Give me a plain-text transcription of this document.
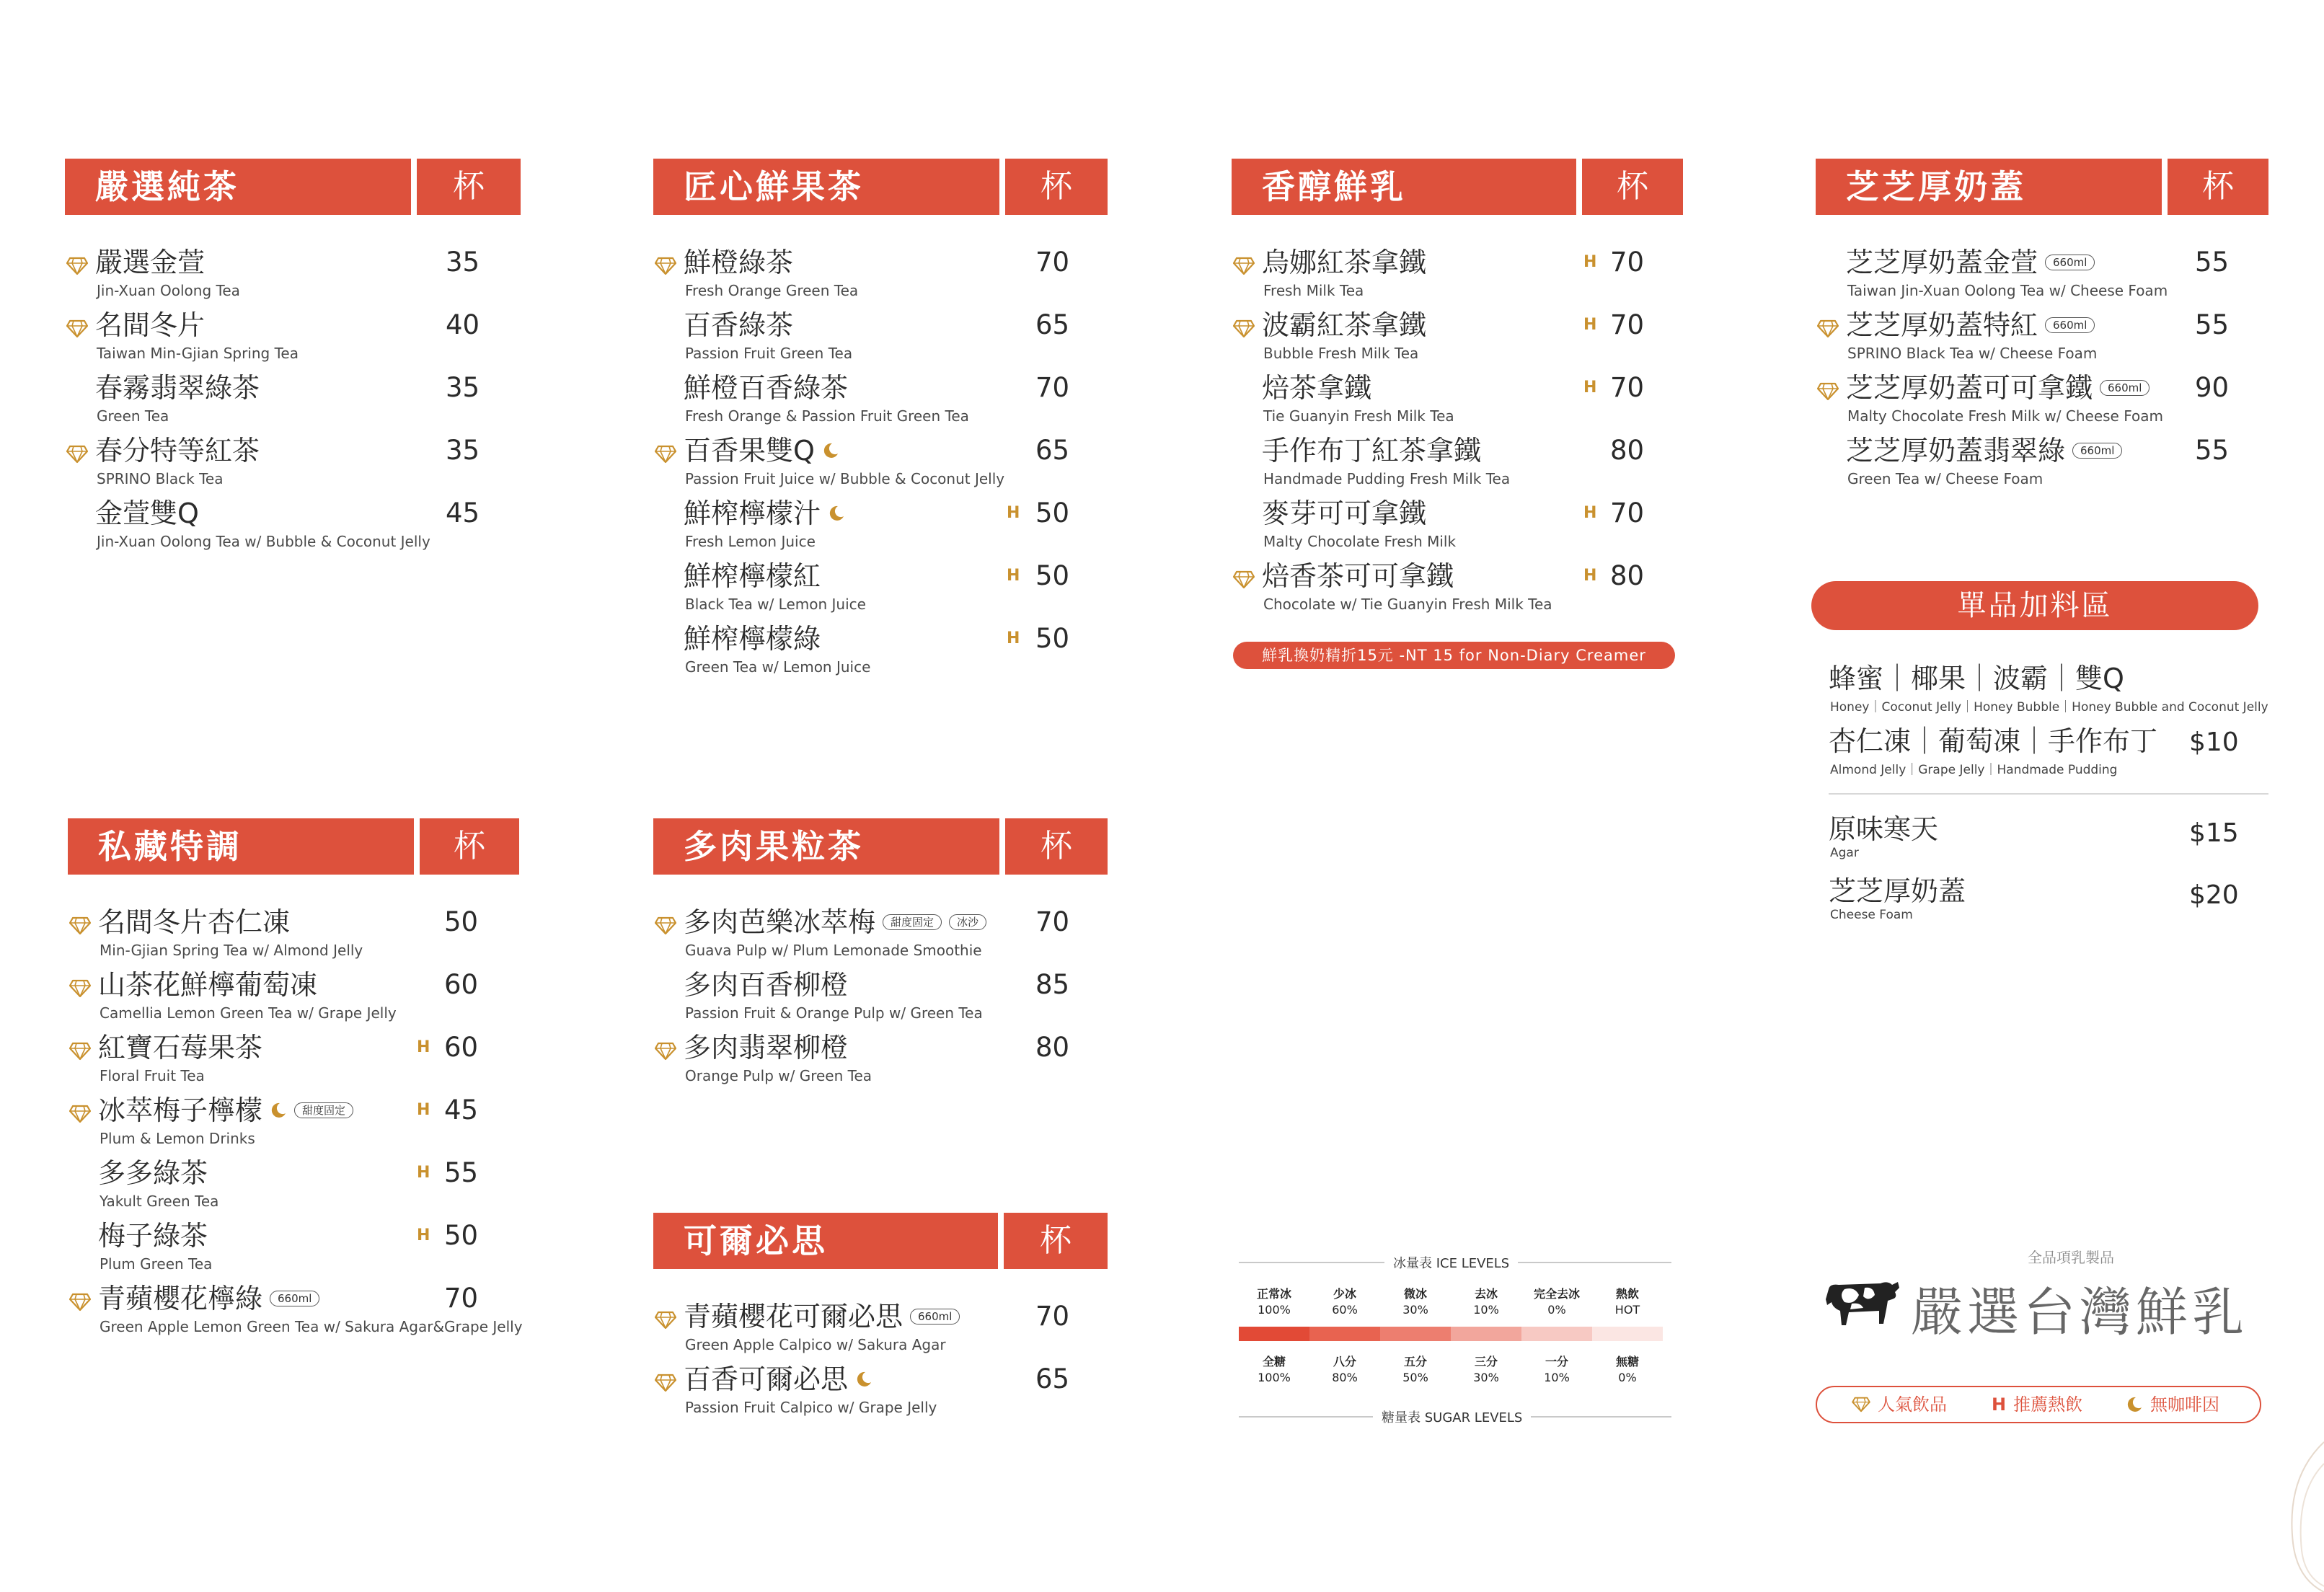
嚴選純茶	杯
嚴選金萱
Jin-Xuan Oolong Tea
35
名間冬片
Taiwan Min-Gjian Spring Tea
40
春霧翡翠綠茶
Green Tea
35
春分特等紅茶
SPRINO Black Tea
35
金萱雙Q
Jin-Xuan Oolong Tea w/ Bubble & Coconut Jelly
45
匠心鮮果茶	杯
鮮橙綠茶
Fresh Orange Green Tea
70
百香綠茶
Passion Fruit Green Tea
65
鮮橙百香綠茶
Fresh Orange & Passion Fruit Green Tea
70
百香果雙Q
Passion Fruit Juice w/ Bubble & Coconut Jelly
65
鮮榨檸檬汁
Fresh Lemon Juice
H 50
鮮榨檸檬紅
Black Tea w/ Lemon Juice
H 50
鮮榨檸檬綠
Green Tea w/ Lemon Juice
H 50
香醇鮮乳	杯
烏娜紅茶拿鐵
Fresh Milk Tea
H 70
波霸紅茶拿鐵
Bubble Fresh Milk Tea
H 70
焙茶拿鐵
Tie Guanyin Fresh Milk Tea
H 70
手作布丁紅茶拿鐵
Handmade Pudding Fresh Milk Tea
80
麥芽可可拿鐵
Malty Chocolate Fresh Milk
H 70
焙香茶可可拿鐵
Chocolate w/ Tie Guanyin Fresh Milk Tea
H 80
芝芝厚奶蓋	杯
芝芝厚奶蓋金萱	660ml
Taiwan Jin-Xuan Oolong Tea w/ Cheese Foam
55
芝芝厚奶蓋特紅	660ml
SPRINO Black Tea w/ Cheese Foam
55
芝芝厚奶蓋可可拿鐵	660ml
Malty Chocolate Fresh Milk w/ Cheese Foam
90
芝芝厚奶蓋翡翠綠	660ml
Green Tea w/ Cheese Foam
55
私藏特調	杯
名間冬片杏仁凍
Min-Gjian Spring Tea w/ Almond Jelly
50
山茶花鮮檸葡萄凍
Camellia Lemon Green Tea w/ Grape Jelly
60
紅寶石莓果茶
Floral Fruit Tea
H 60
冰萃梅子檸檬	甜度固定
Plum & Lemon Drinks
H 45
多多綠茶
Yakult Green Tea
H 55
梅子綠茶
Plum Green Tea
H 50
青蘋櫻花檸綠	660ml
Green Apple Lemon Green Tea w/ Sakura Agar&Grape Jelly
70
多肉果粒茶	杯
多肉芭樂冰萃梅	甜度固定	冰沙
Guava Pulp w/ Plum Lemonade Smoothie
70
多肉百香柳橙
Passion Fruit & Orange Pulp w/ Green Tea
85
多肉翡翠柳橙
Orange Pulp w/ Green Tea
80
可爾必思	杯
青蘋櫻花可爾必思	660ml
Green Apple Calpico w/ Sakura Agar
70
百香可爾必思
Passion Fruit Calpico w/ Grape Jelly
65
鮮乳換奶精折15元 -NT 15 for Non-Diary Creamer
單品加料區
蜂蜜｜椰果｜波霸｜雙Q
Honey｜Coconut Jelly｜Honey Bubble｜Honey Bubble and Coconut Jelly
杏仁凍｜葡萄凍｜手作布丁
Almond Jelly｜Grape Jelly｜Handmade Pudding
$10
原味寒天
Agar
$15
芝芝厚奶蓋
Cheese Foam
$20
冰量表 ICE LEVELS
正常冰
100%
少冰
60%
微冰
30%
去冰
10%
完全去冰
0%
熱飲
HOT
全糖
100%
八分
80%
五分
50%
三分
30%
一分
10%
無糖
0%
糖量表 SUGAR LEVELS
全品項乳製品
嚴選台灣鮮乳
人氣飲品	H 推薦熱飲	無咖啡因
